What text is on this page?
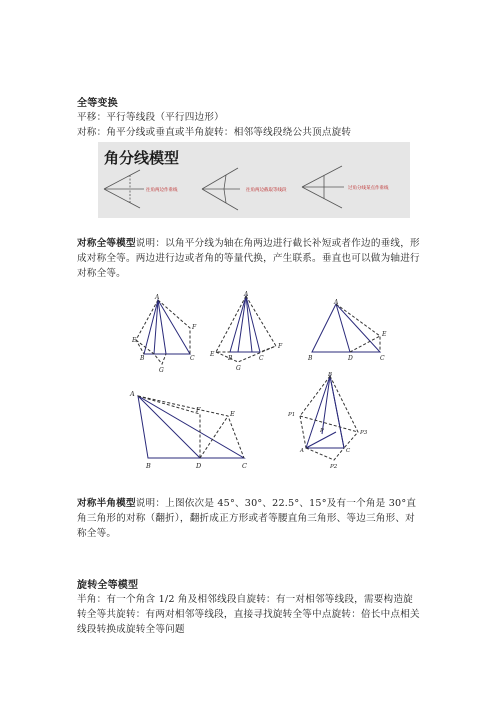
全等变换
平移：平行等线段（平行四边形）
对称：角平分线或垂直或半角旋转：相邻等线段绕公共顶点旋转
角分线模型
往角两边作垂线	往角两边截取等线段	过角分线某点作垂线
对称全等模型说明：以角平分线为轴在角两边进行截长补短或者作边的垂线，形成对称全等。两边进行边或者角的等量代换，产生联系。垂直也可以做为轴进行对称全等。
A
F
E
B	C
G
A
E
B	C
F
G
A
B	D	C
E
A
F	E
B	D	C
B
P1
P3
P
A	C
P2
对称半角模型说明：上图依次是 45°、30°、22.5°、15°及有一个角是 30°直角三角形的对称（翻折），翻折成正方形或者等腰直角三角形、等边三角形、对称全等。
旋转全等模型
半角：有一个角含 1/2 角及相邻线段自旋转：有一对相邻等线段，需要构造旋转全等共旋转：有两对相邻等线段，直接寻找旋转全等中点旋转：倍长中点相关线段转换成旋转全等问题
